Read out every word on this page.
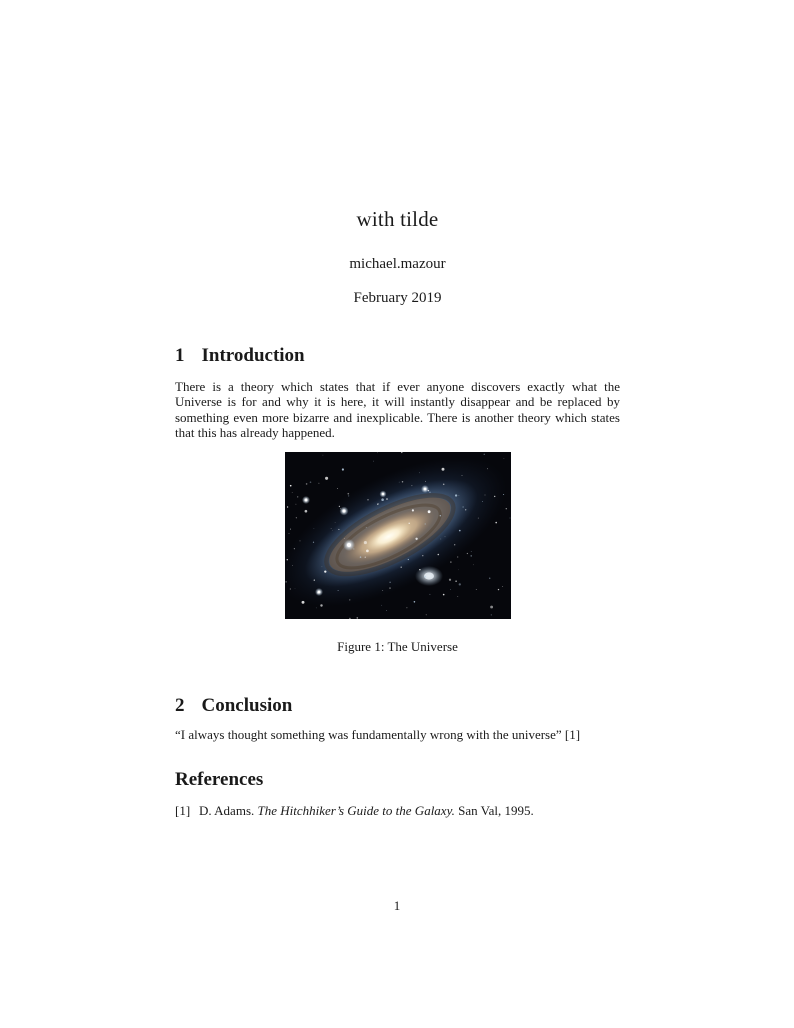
with tilde
michael.mazour
February 2019
1 Introduction

There is a theory which states that if ever anyone discovers exactly what the Universe is for and why it is here, it will instantly disappear and be replaced by something even more bizarre and inexplicable. There is another theory which states that this has already happened.

Figure 1: The Universe
2 Conclusion

“I always thought something was fundamentally wrong with the universe” [1]

References
[1] D. Adams. The Hitchhiker’s Guide to the Galaxy. San Val, 1995.
1
